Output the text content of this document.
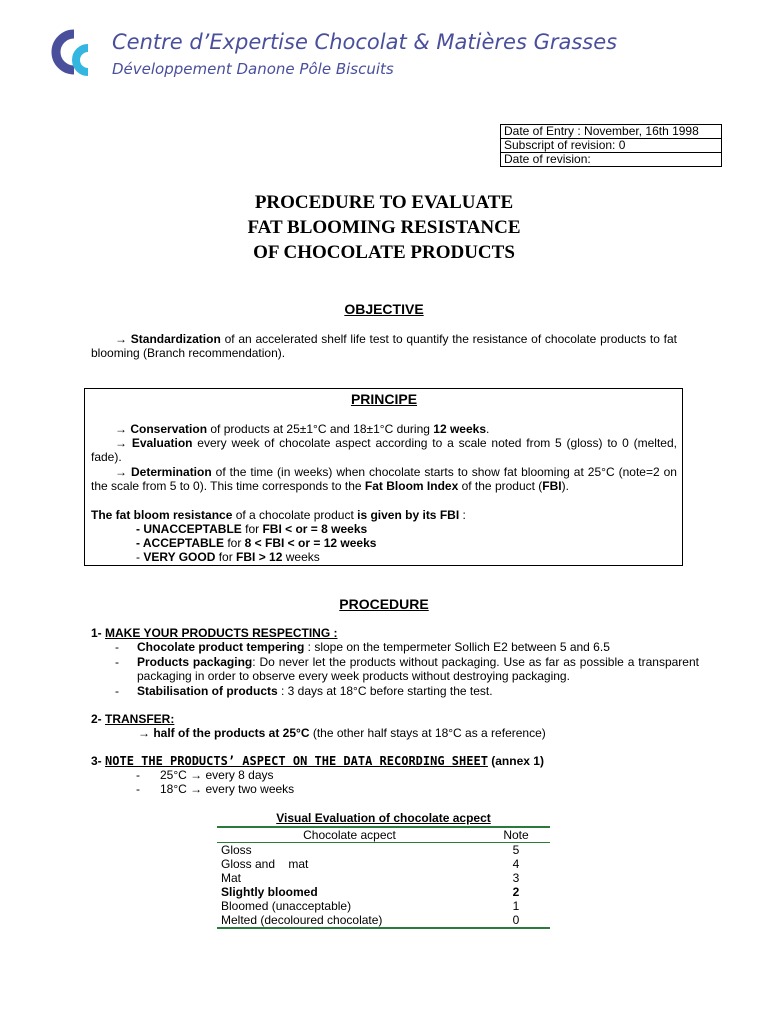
Centre d’Expertise Chocolat & Matières Grasses
Développement Danone Pôle Biscuits
Date of Entry : November, 16th 1998
Subscript of revision: 0
Date of revision:
PROCEDURE TO EVALUATE
FAT BLOOMING RESISTANCE
OF CHOCOLATE PRODUCTS
OBJECTIVE
→ Standardization of an accelerated shelf life test to quantify the resistance of chocolate products to fat blooming (Branch recommendation).
PRINCIPE
→ Conservation of products at 25±1°C and 18±1°C during 12 weeks.
→ Evaluation every week of chocolate aspect according to a scale noted from 5 (gloss) to 0 (melted, fade).
→ Determination of the time (in weeks) when chocolate starts to show fat blooming at 25°C (note=2 on the scale from 5 to 0). This time corresponds to the Fat Bloom Index of the product (FBI).
The fat bloom resistance of a chocolate product is given by its FBI :
- UNACCEPTABLE for FBI < or = 8 weeks
- ACCEPTABLE for 8 < FBI < or = 12 weeks
- VERY GOOD for FBI > 12 weeks
PROCEDURE
1- MAKE YOUR PRODUCTS RESPECTING :
- Chocolate product tempering : slope on the tempermeter Sollich E2 between 5 and 6.5
- Products packaging: Do never let the products without packaging. Use as far as possible a transparent packaging in order to observe every week products without destroying packaging.
- Stabilisation of products : 3 days at 18°C before starting the test.
2- TRANSFER:
→ half of the products at 25°C (the other half stays at 18°C as a reference)
3- NOTE THE PRODUCTS’ ASPECT ON THE DATA RECORDING SHEET (annex 1)
- 25°C → every 8 days
- 18°C → every two weeks
Visual Evaluation of chocolate acpect	
Chocolate acpect	Note
Gloss	5
Gloss and    mat	4
Mat	3
Slightly bloomed	2
Bloomed (unacceptable)	1
Melted (decoloured chocolate)	0
